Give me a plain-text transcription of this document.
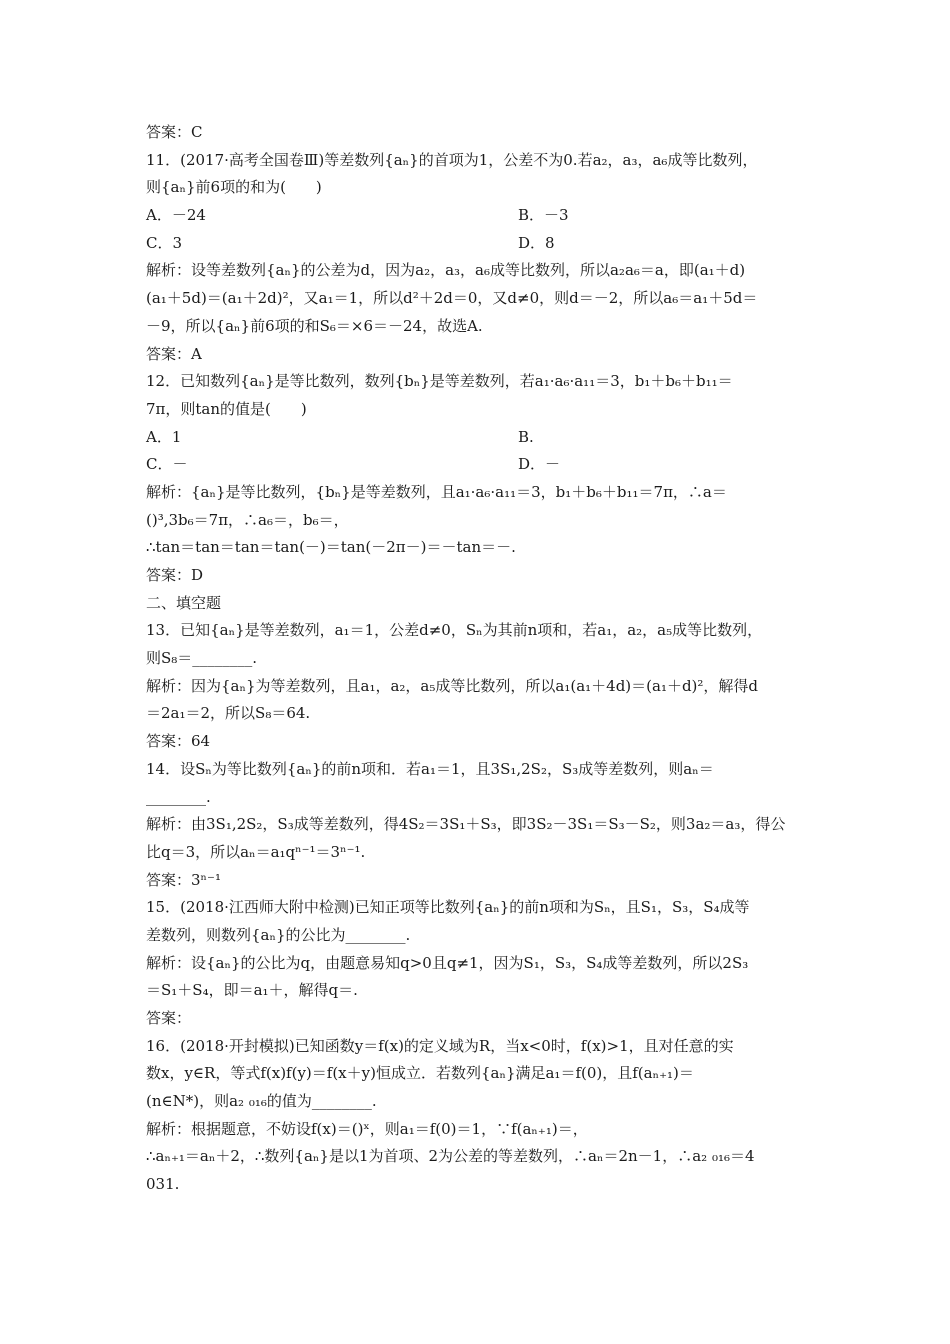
答案：C
11．(2017·高考全国卷Ⅲ)等差数列{aₙ}的首项为1，公差不为0.若a₂，a₃，a₆成等比数列，
则{aₙ}前6项的和为(　　)
A．－24	B．－3
C．3	D．8
解析：设等差数列{aₙ}的公差为d，因为a₂，a₃，a₆成等比数列，所以a₂a₆＝a，即(a₁＋d)
(a₁＋5d)＝(a₁＋2d)²，又a₁＝1，所以d²＋2d＝0，又d≠0，则d＝－2，所以a₆＝a₁＋5d＝
－9，所以{aₙ}前6项的和S₆＝×6＝－24，故选A.
答案：A
12．已知数列{aₙ}是等比数列，数列{bₙ}是等差数列，若a₁·a₆·a₁₁＝3，b₁＋b₆＋b₁₁＝
7π，则tan的值是(　　)
A．1	B.
C．－	D．－
解析：{aₙ}是等比数列，{bₙ}是等差数列，且a₁·a₆·a₁₁＝3，b₁＋b₆＋b₁₁＝7π，∴a＝
()³,3b₆＝7π，∴a₆＝，b₆＝，
∴tan＝tan＝tan＝tan(－)＝tan(－2π－)＝－tan＝－.
答案：D
二、填空题
13．已知{aₙ}是等差数列，a₁＝1，公差d≠0，Sₙ为其前n项和，若a₁，a₂，a₅成等比数列，
则S₈＝________.
解析：因为{aₙ}为等差数列，且a₁，a₂，a₅成等比数列，所以a₁(a₁＋4d)＝(a₁＋d)²，解得d
＝2a₁＝2，所以S₈＝64.
答案：64
14．设Sₙ为等比数列{aₙ}的前n项和．若a₁＝1，且3S₁,2S₂，S₃成等差数列，则aₙ＝
________.
解析：由3S₁,2S₂，S₃成等差数列，得4S₂＝3S₁＋S₃，即3S₂－3S₁＝S₃－S₂，则3a₂＝a₃，得公
比q＝3，所以aₙ＝a₁qⁿ⁻¹＝3ⁿ⁻¹.
答案：3ⁿ⁻¹
15．(2018·江西师大附中检测)已知正项等比数列{aₙ}的前n项和为Sₙ，且S₁，S₃，S₄成等
差数列，则数列{aₙ}的公比为________.
解析：设{aₙ}的公比为q，由题意易知q>0且q≠1，因为S₁，S₃，S₄成等差数列，所以2S₃
＝S₁＋S₄，即＝a₁＋，解得q＝.
答案：
16．(2018·开封模拟)已知函数y＝f(x)的定义域为R，当x<0时，f(x)>1，且对任意的实
数x，y∈R，等式f(x)f(y)＝f(x＋y)恒成立．若数列{aₙ}满足a₁＝f(0)，且f(aₙ₊₁)＝
(n∈N*)，则a₂ ₀₁₆的值为________.
解析：根据题意，不妨设f(x)＝()ˣ，则a₁＝f(0)＝1，∵f(aₙ₊₁)＝，
∴aₙ₊₁＝aₙ＋2，∴数列{aₙ}是以1为首项、2为公差的等差数列，∴aₙ＝2n－1，∴a₂ ₀₁₆＝4
031.
